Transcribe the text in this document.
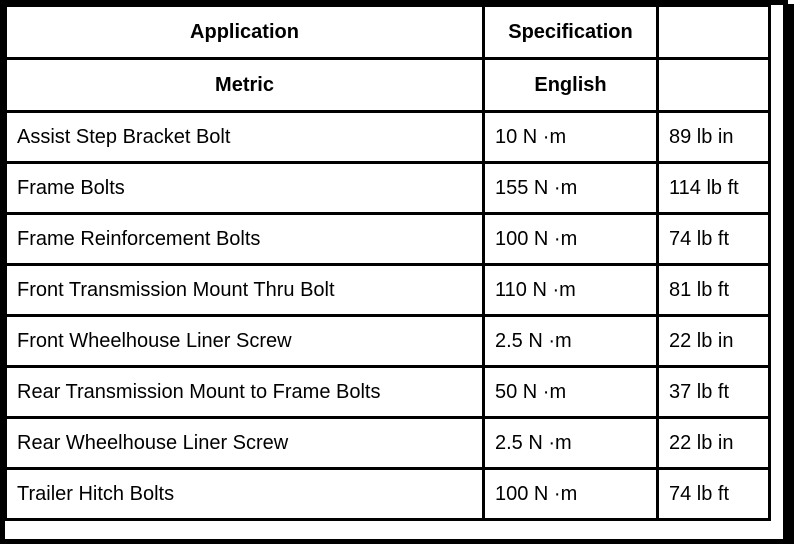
Application	Specification	
Metric	English	
Assist Step Bracket Bolt	10 N ·m	89 lb in
Frame Bolts	155 N ·m	114 lb ft
Frame Reinforcement Bolts	100 N ·m	74 lb ft
Front Transmission Mount Thru Bolt	110 N ·m	81 lb ft
Front Wheelhouse Liner Screw	2.5 N ·m	22 lb in
Rear Transmission Mount to Frame Bolts	50 N ·m	37 lb ft
Rear Wheelhouse Liner Screw	2.5 N ·m	22 lb in
Trailer Hitch Bolts	100 N ·m	74 lb ft
